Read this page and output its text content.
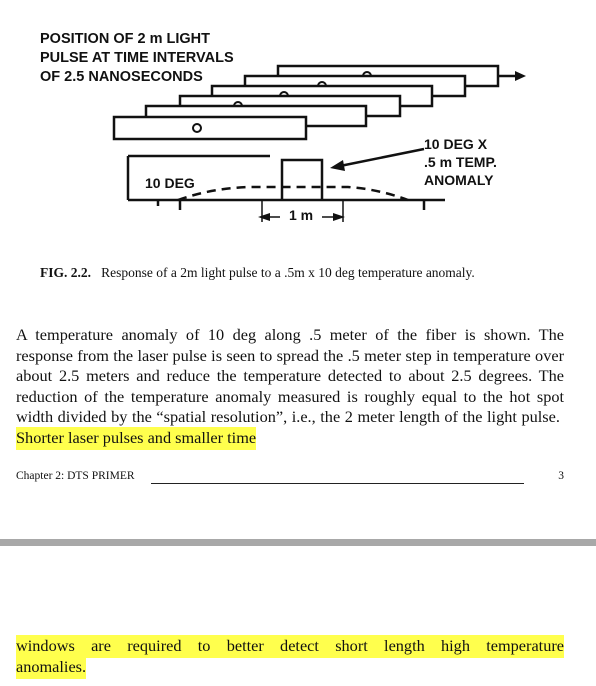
POSITION OF 2 m LIGHT
PULSE AT TIME INTERVALS
OF 2.5 NANOSECONDS
10 DEG X
.5 m TEMP.
ANOMALY
10 DEG
1 m
FIG. 2.2. Response of a 2m light pulse to a .5m x 10 deg temperature anomaly.
A temperature anomaly of 10 deg along .5 meter of the fiber is shown. The response from the laser pulse is seen to spread the .5 meter step in temperature over about 2.5 meters and reduce the temperature detected to about 2.5 degrees. The reduction of the temperature anomaly measured is roughly equal to the hot spot width divided by the “spatial resolution”, i.e., the 2 meter length of the light pulse.  Shorter laser pulses and smaller time
Chapter 2: DTS PRIMER	3
windows are required to better detect short length high temperature
anomalies.
